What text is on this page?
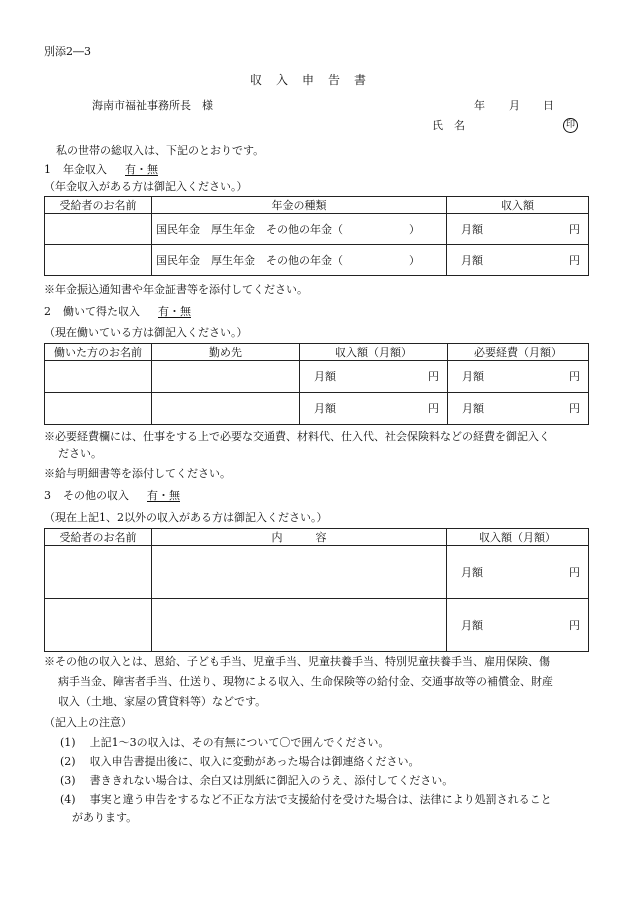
別添2―3
収　入　申　告　書
海南市福祉事務所長　様	年 月 日
氏　名	印
私の世帯の総収入は、下記のとおりです。
1 年金収入 有・無
（年金収入がある方は御記入ください。）
受給者のお名前	年金の種類	収入額

	国民年金　厚生年金　その他の年金（　　　　　　）	月額 円

	国民年金　厚生年金　その他の年金（　　　　　　）	月額 円
※年金振込通知書や年金証書等を添付してください。
2 働いて得た収入 有・無
（現在働いている方は御記入ください。）
働いた方のお名前	勤め先	収入額（月額）	必要経費（月額）

		月額 円	月額 円

		月額 円	月額 円
※必要経費欄には、仕事をする上で必要な交通費、材料代、仕入代、社会保険料などの経費を御記入く
ださい。
※給与明細書等を添付してください。
3 その他の収入 有・無
（現在上記1、2以外の収入がある方は御記入ください。）
受給者のお名前	内　　　容	収入額（月額）

		月額 円

		月額 円
※その他の収入とは、恩給、子ども手当、児童手当、児童扶養手当、特別児童扶養手当、雇用保険、傷
病手当金、障害者手当、仕送り、現物による収入、生命保険等の給付金、交通事故等の補償金、財産
収入（土地、家屋の賃貸料等）などです。
（記入上の注意）
(1) 上記1～3の収入は、その有無について〇で囲んでください。
(2) 収入申告書提出後に、収入に変動があった場合は御連絡ください。
(3) 書ききれない場合は、余白又は別紙に御記入のうえ、添付してください。
(4) 事実と違う申告をするなど不正な方法で支援給付を受けた場合は、法律により処罰されること
があります。
